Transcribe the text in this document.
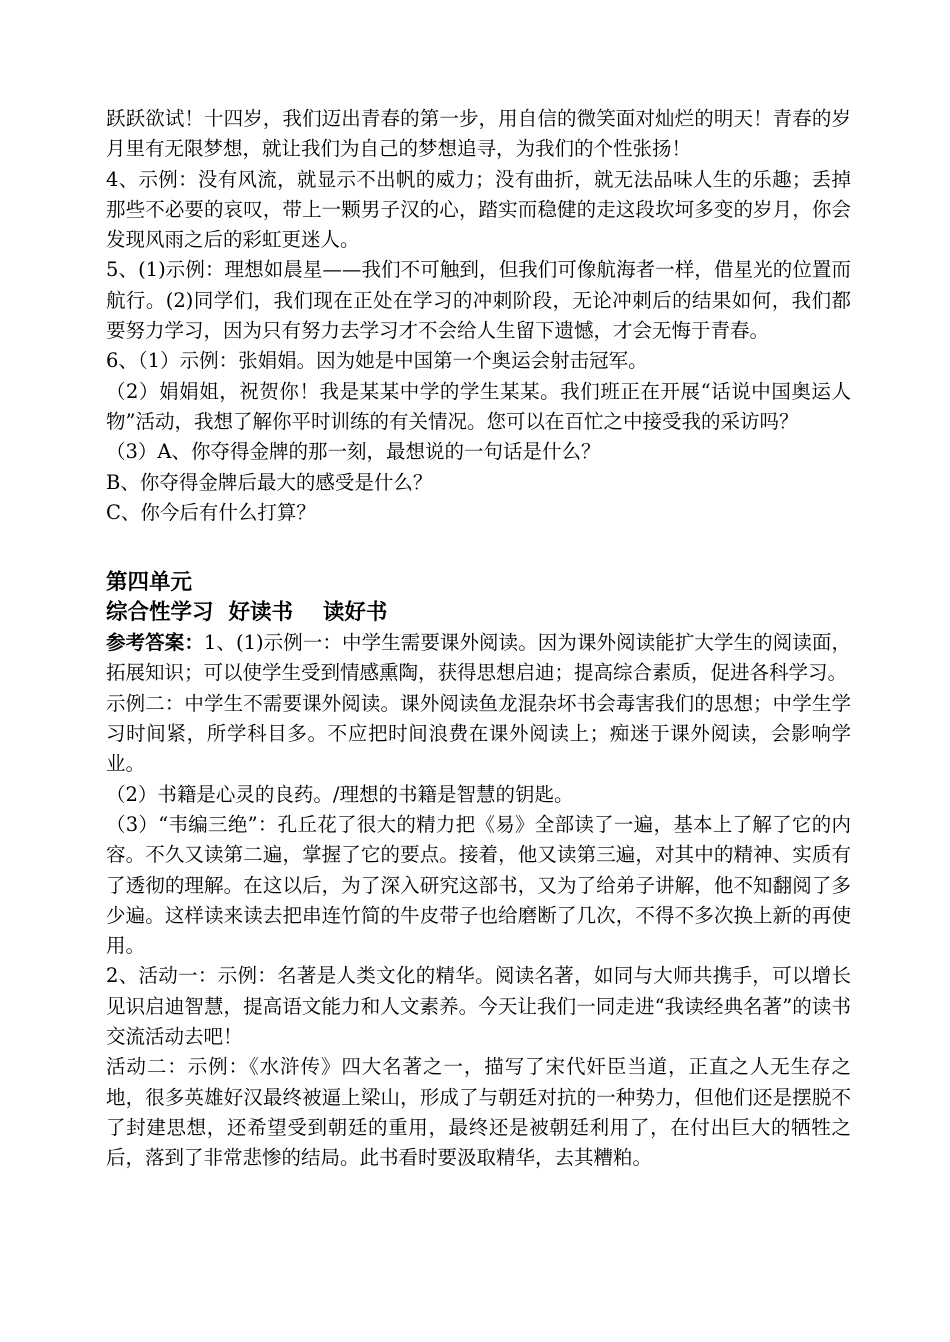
跃跃欲试！十四岁，我们迈出青春的第一步，用自信的微笑面对灿烂的明天！青春的岁月里有无限梦想，就让我们为自己的梦想追寻，为我们的个性张扬！

4、示例：没有风流，就显示不出帆的威力；没有曲折，就无法品味人生的乐趣；丢掉那些不必要的哀叹，带上一颗男子汉的心，踏实而稳健的走这段坎坷多变的岁月，你会发现风雨之后的彩虹更迷人。

5、(1)示例：理想如晨星——我们不可触到，但我们可像航海者一样，借星光的位置而航行。(2)同学们，我们现在正处在学习的冲刺阶段，无论冲刺后的结果如何，我们都要努力学习，因为只有努力去学习才不会给人生留下遗憾，才会无悔于青春。

6、（1）示例：张娟娟。因为她是中国第一个奥运会射击冠军。

（2）娟娟姐，祝贺你！我是某某中学的学生某某。我们班正在开展“话说中国奥运人物”活动，我想了解你平时训练的有关情况。您可以在百忙之中接受我的采访吗？

（3）A、你夺得金牌的那一刻，最想说的一句话是什么？

B、你夺得金牌后最大的感受是什么？

C、你今后有什么打算？

第四单元

综合性学习  好读书    读好书

参考答案：1、(1)示例一：中学生需要课外阅读。因为课外阅读能扩大学生的阅读面，拓展知识；可以使学生受到情感熏陶，获得思想启迪；提高综合素质，促进各科学习。

示例二：中学生不需要课外阅读。课外阅读鱼龙混杂坏书会毒害我们的思想；中学生学习时间紧，所学科目多。不应把时间浪费在课外阅读上；痴迷于课外阅读，会影响学业。

（2）书籍是心灵的良药。/理想的书籍是智慧的钥匙。

（3）“韦编三绝”：孔丘花了很大的精力把《易》全部读了一遍，基本上了解了它的内容。不久又读第二遍，掌握了它的要点。接着，他又读第三遍，对其中的精神、实质有了透彻的理解。在这以后，为了深入研究这部书，又为了给弟子讲解，他不知翻阅了多少遍。这样读来读去把串连竹简的牛皮带子也给磨断了几次，不得不多次换上新的再使用。

2、活动一：示例：名著是人类文化的精华。阅读名著，如同与大师共携手，可以增长见识启迪智慧，提高语文能力和人文素养。今天让我们一同走进“我读经典名著”的读书交流活动去吧！

活动二：示例：《水浒传》四大名著之一，描写了宋代奸臣当道，正直之人无生存之地，很多英雄好汉最终被逼上梁山，形成了与朝廷对抗的一种势力，但他们还是摆脱不了封建思想，还希望受到朝廷的重用，最终还是被朝廷利用了，在付出巨大的牺牲之后，落到了非常悲惨的结局。此书看时要汲取精华，去其糟粕。
